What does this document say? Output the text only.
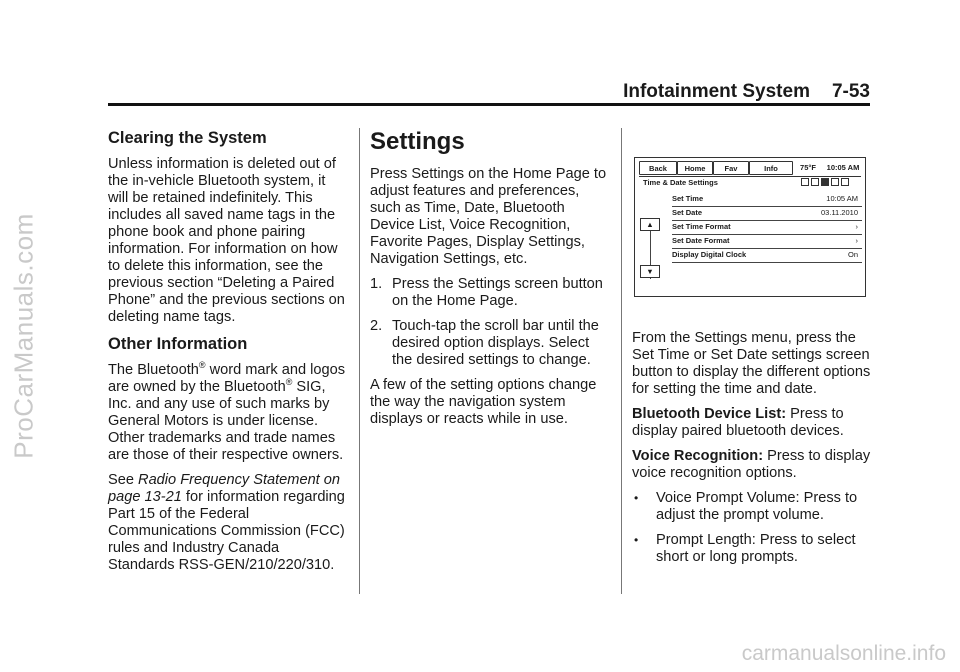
ProCarManuals.com
carmanualsonline.info
Infotainment System 7-53
Clearing the System

Unless information is deleted out of the in-vehicle Bluetooth system, it will be retained indefinitely. This includes all saved name tags in the phone book and phone pairing information. For information on how to delete this information, see the previous section “Deleting a Paired Phone” and the previous sections on deleting name tags.

Other Information

The Bluetooth® word mark and logos are owned by the Bluetooth® SIG, Inc. and any use of such marks by General Motors is under license. Other trademarks and trade names are those of their respective owners.

See Radio Frequency Statement on page 13-21 for information regarding Part 15 of the Federal Communications Commission (FCC) rules and Industry Canada Standards RSS-GEN/210/220/310.

Settings

Press Settings on the Home Page to adjust features and preferences, such as Time, Date, Bluetooth Device List, Voice Recognition, Favorite Pages, Display Settings, Navigation Settings, etc.

1. Press the Settings screen button on the Home Page.
2. Touch-tap the scroll bar until the desired option displays. Select the desired settings to change.

A few of the setting options change the way the navigation system displays or reacts while in use.

Back	Home	Fav	Info	75°F	10:05 AM
Time & Date Settings
▲
▼
Set Time	10:05 AM
Set Date	03.11.2010
Set Time Format	›
Set Date Format	›
Display Digital Clock	On

From the Settings menu, press the Set Time or Set Date settings screen button to display the different options for setting the time and date.

Bluetooth Device List: Press to display paired bluetooth devices.

Voice Recognition: Press to display voice recognition options.

•	Voice Prompt Volume: Press to adjust the prompt volume.
•	Prompt Length: Press to select short or long prompts.
